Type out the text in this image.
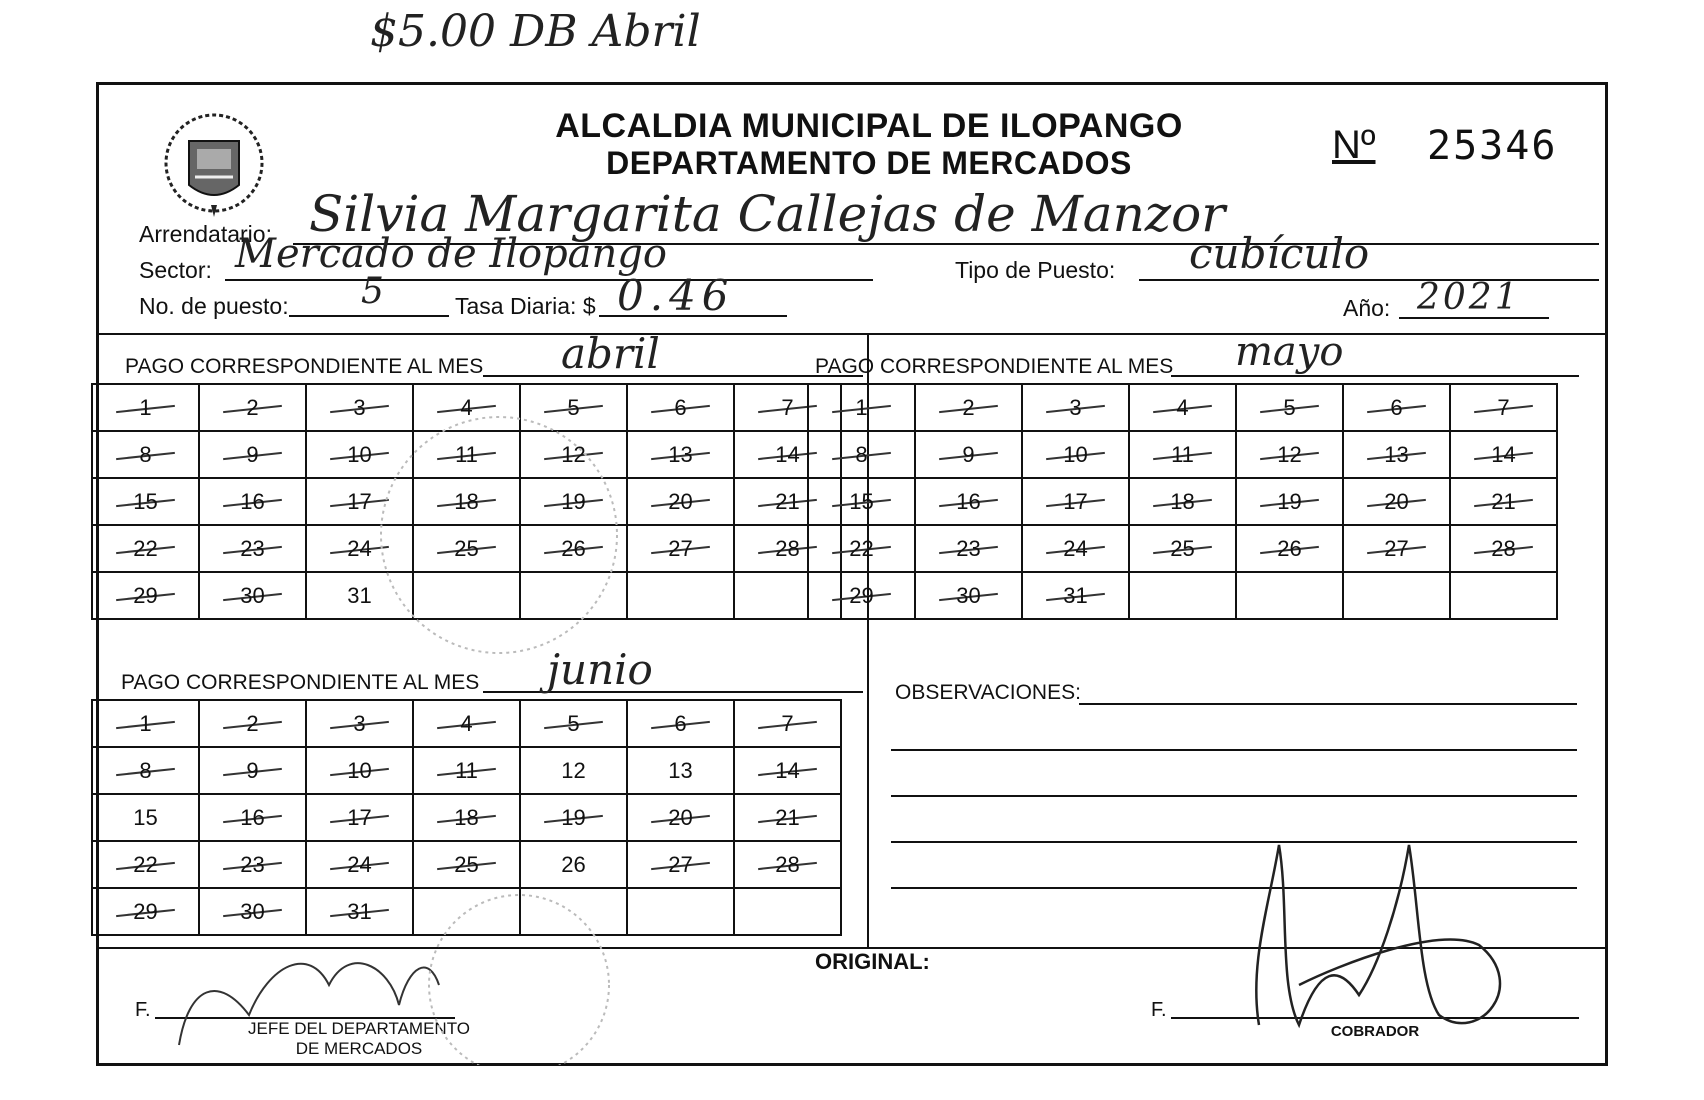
$5.00 DB Abril
ALCALDIA MUNICIPAL DE ILOPANGO
DEPARTAMENTO DE MERCADOS	Nº 25346
Arrendatario: Silvia Margarita Callejas de Manzor
Sector: Mercado de Ilopango	Tipo de Puesto: cubículo
No. de puesto: 5	Tasa Diaria: $ 0.46	Año: 2021
PAGO CORRESPONDIENTE AL MES abril
1	2	3	4	5	6	7
8	9	10	11	12	13	14
15	16	17	18	19	20	21
22	23	24	25	26	27	28
29	30	31				
PAGO CORRESPONDIENTE AL MES mayo
1	2	3	4	5	6	7
8	9	10	11	12	13	14
15	16	17	18	19	20	21
22	23	24	25	26	27	28
29	30	31				
PAGO CORRESPONDIENTE AL MES junio
1	2	3	4	5	6	7
8	9	10	11	12	13	14
15	16	17	18	19	20	21
22	23	24	25	26	27	28
29	30	31				
OBSERVACIONES:
ORIGINAL:
F.
JEFE DEL DEPARTAMENTO
DE MERCADOS
F.
COBRADOR
